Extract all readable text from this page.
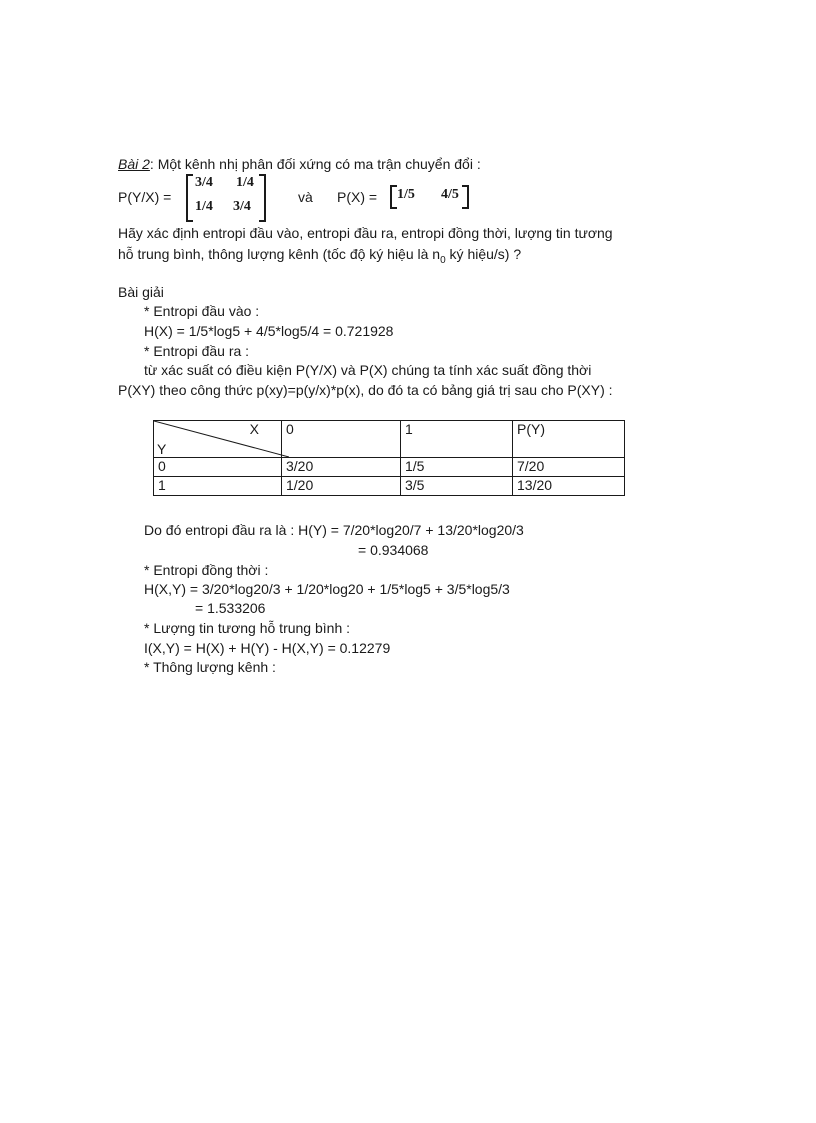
Bài 2: Một kênh nhị phân đối xứng có ma trận chuyển đổi :
P(Y/X) =
3/4 1/4
1/4 3/4
và P(X) = 1/5 4/5
Hãy xác định entropi đầu vào, entropi đầu ra, entropi đồng thời, lượng tin tương
hỗ trung bình, thông lượng kênh (tốc độ ký hiệu là $n_0$ ký hiệu/s) ?
Bài giải
* Entropi đầu vào :
H(X) = 1/5*log5 + 4/5*log5/4 = 0.721928
* Entropi đầu ra :
từ xác suất có điều kiện P(Y/X) và P(X) chúng ta tính xác suất đồng thời
P(XY) theo công thức p(xy)=p(y/x)*p(x), do đó ta có bảng giá trị sau cho P(XY) :
X
Y	0	1	P(Y)
0	3/20	1/5	7/20
1	1/20	3/5	13/20
Do đó entropi đầu ra là : H(Y) = 7/20*log20/7 + 13/20*log20/3
= 0.934068
* Entropi đồng thời :
H(X,Y) = 3/20*log20/3 + 1/20*log20 + 1/5*log5 + 3/5*log5/3
= 1.533206
* Lượng tin tương hỗ trung bình :
I(X,Y) = H(X) + H(Y) - H(X,Y) = 0.12279
* Thông lượng kênh :
